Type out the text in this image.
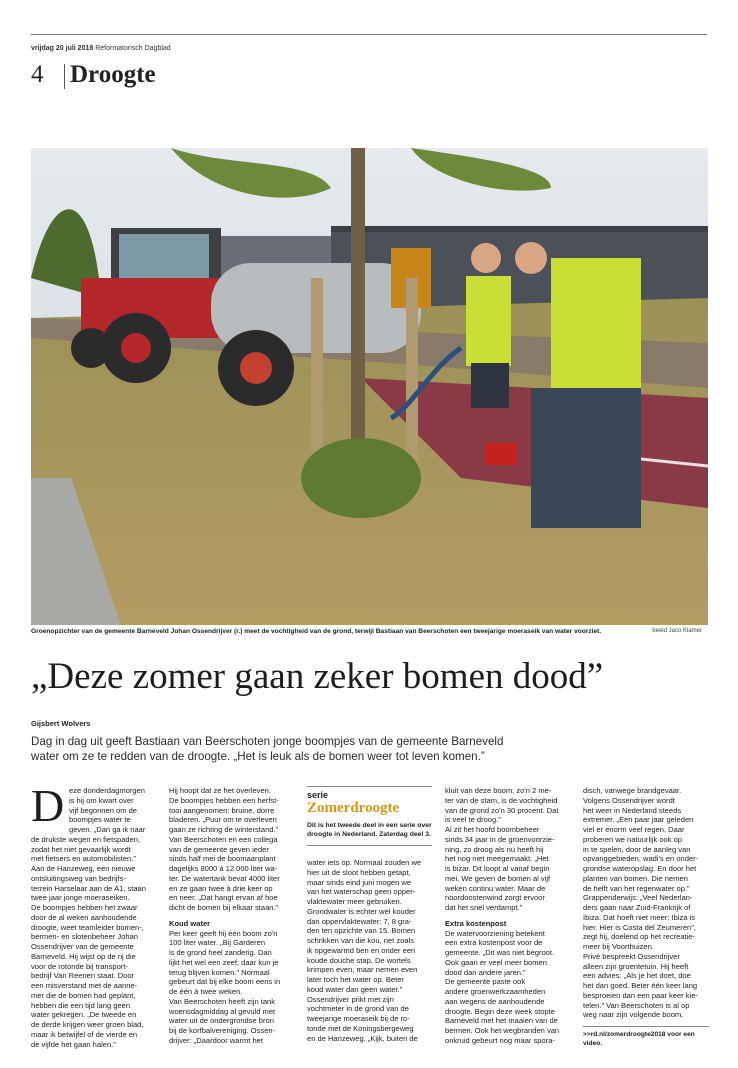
vrijdag 20 juli 2018 Reformatorisch Dagblad
4 Droogte
Groenopzichter van de gemeente Barneveld Johan Ossendrijver (r.) meet de vochtigheid van de grond, terwijl Bastiaan van Beerschoten een tweejarige moeraseik van water voorziet.	beeld Jaco Klamer
„Deze zomer gaan zeker bomen dood”
Gijsbert Wolvers
Dag in dag uit geeft Bastiaan van Beerschoten jonge boompjes van de gemeente Barneveld
water om ze te redden van de droogte. „Het is leuk als de bomen weer tot leven komen.”
D eze donderdagmorgen
is hij om kwart over
vijf begonnen om de
boompjes water te
geven. „Dan ga ik naar
de drukste wegen en fietspaden,
zodat het niet gevaarlijk wordt
met fietsers en automobilisten.”
Aan de Hanzeweg, een nieuwe
ontsluitingsweg van bedrijfs-
terrein Harselaar aan de A1, staan
twee jaar jonge moeraseiken.
De boompjes hebben het zwaar
door de al weken aanhoudende
droogte, weet teamleider bomen-,
bermen- en slotenbeheer Johan
Ossendrijver van de gemeente
Barneveld. Hij wijst op de rij die
voor de rotonde bij transport-
bedrijf Van Reenen staat. Door
een misverstand met de aanne-
mer die de bomen had geplant,
hebben die een tijd lang geen
water gekregen. „De tweede en
de derde krijgen weer groen blad,
maar ik betwijfel of de vierde en
de vijfde het gaan halen.”
Hij hoopt dat ze het overleven.
De boompjes hebben een herfst-
tooi aangenomen: bruine, dorre
bladeren. „Puur om te overleven
gaan ze richting de winterstand.”
Van Beerschoten en een collega
van de gemeente geven ieder
sinds half mei de boomaanplant
dagelijks 8000 à 12.000 liter wa-
ter. De watertank bevat 4000 liter
en ze gaan twee à drie keer op
en neer. „Dat hangt ervan af hoe
dicht de bomen bij elkaar staan.”
Koud water
Per keer geeft hij één boom zo'n
100 liter water. „Bij Garderen
is de grond heel zanderig. Dan
lijkt het wel een zeef; daar kun je
terug blijven komen.” Normaal
gebeurt dat bij elke boom eens in
de één à twee weken.
Van Beerschoten heeft zijn tank
woensdagmiddag al gevuld met
water uit de ondergrondse bron
bij de korfbalvereniging. Ossen-
drijver: „Daardoor warmt het
serie
Zomerdroogte
Dit is het tweede deel in een serie over droogte in Nederland. Zaterdag deel 3.
water iets op. Normaal zouden we
hier uit de sloot hebben getapt,
maar sinds eind juni mogen we
van het waterschap geen opper-
vlaktewater meer gebruiken.
Grondwater is echter wel kouder
dan oppervlaktewater: 7, 8 gra-
den ten opzichte van 15. Bomen
schrikken van die kou, net zoals
ik opgewarmd ben en onder een
koude douche stap. De wortels
krimpen even, maar nemen even
later toch het water op. Beter
koud water dan geen water.”
Ossendrijver prikt met zijn
vochtmeter in de grond van de
tweejarige moeraseik bij de ro-
tonde met de Koningsbergeweg
en de Hanzeweg. „Kijk, buiten de
kluit van deze boom, zo'n 2 me-
ter van de stam, is de vochtigheid
van de grond zo'n 30 procent. Dat
is veel te droog.”
Al zit het hoofd boombeheer
sinds 34 jaar in de groenvoorzie-
ning, zo droog als nu heeft hij
het nog niet meegemaakt. „Het
is bizar. Dit loopt al vanaf begin
mei. We geven de bomen al vijf
weken continu water. Maar de
noordoostenwind zorgt ervoor
dat het snel verdampt.”
Extra kostenpost
De watervoorziening betekent
een extra kostenpost voor de
gemeente. „Dit was niet begroot.
Ook gaan er veel meer bomen
dood dan andere jaren.”
De gemeente paste ook
andere groenwerkzaamheden
aan wegens de aanhoudende
droogte. Begin deze week stopte
Barneveld met het maaien van de
bermen. Ook het wegbranden van
onkruid gebeurt nog maar spora-
disch, vanwege brandgevaar.
Volgens Ossendrijver wordt
het weer in Nederland steeds
extremer. „Een paar jaar geleden
viel er enorm veel regen. Daar
proberen we natuurlijk ook op
in te spelen, door de aanleg van
opvanggebieden, wadi's en onder-
grondse wateropslag. En door het
planten van bomen. Die nemen
de helft van het regenwater op.”
Grappenderwijs: „Veel Nederlan-
ders gaan naar Zuid-Frankrijk of
Ibiza. Dat hoeft niet meer: Ibiza is
hier. Hier is Costa del Zeumeren”,
zegt hij, doelend op het recreatie-
meer bij Voorthuizen.
Privé bespreekt Ossendrijver
alleen zijn groentetuin. Hij heeft
een advies: „Als je het doet, doe
het dan goed. Beter één keer lang
besproeien dan een paar keer kie-
telen.” Van Beerschoten is al op
weg naar zijn volgende boom.
>>rd.nl/zomerdroogte2018 voor een video.
